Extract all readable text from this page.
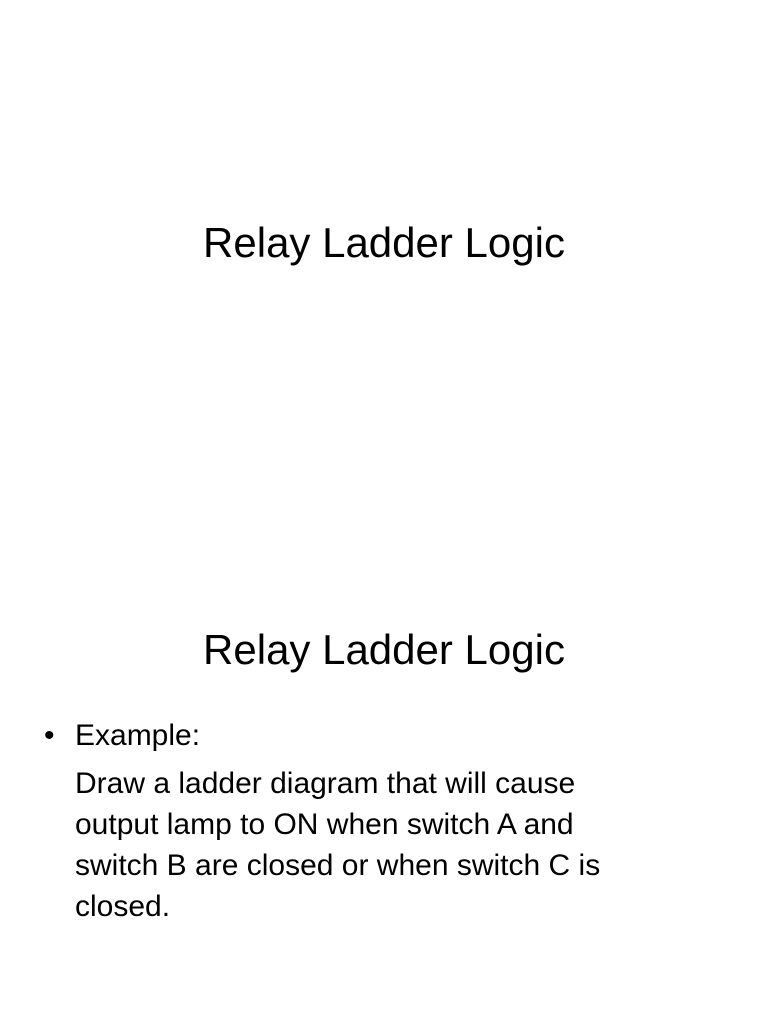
Relay Ladder Logic
Relay Ladder Logic
• Example:

Draw a ladder diagram that will cause
output lamp to ON when switch A and
switch B are closed or when switch C is
closed.
